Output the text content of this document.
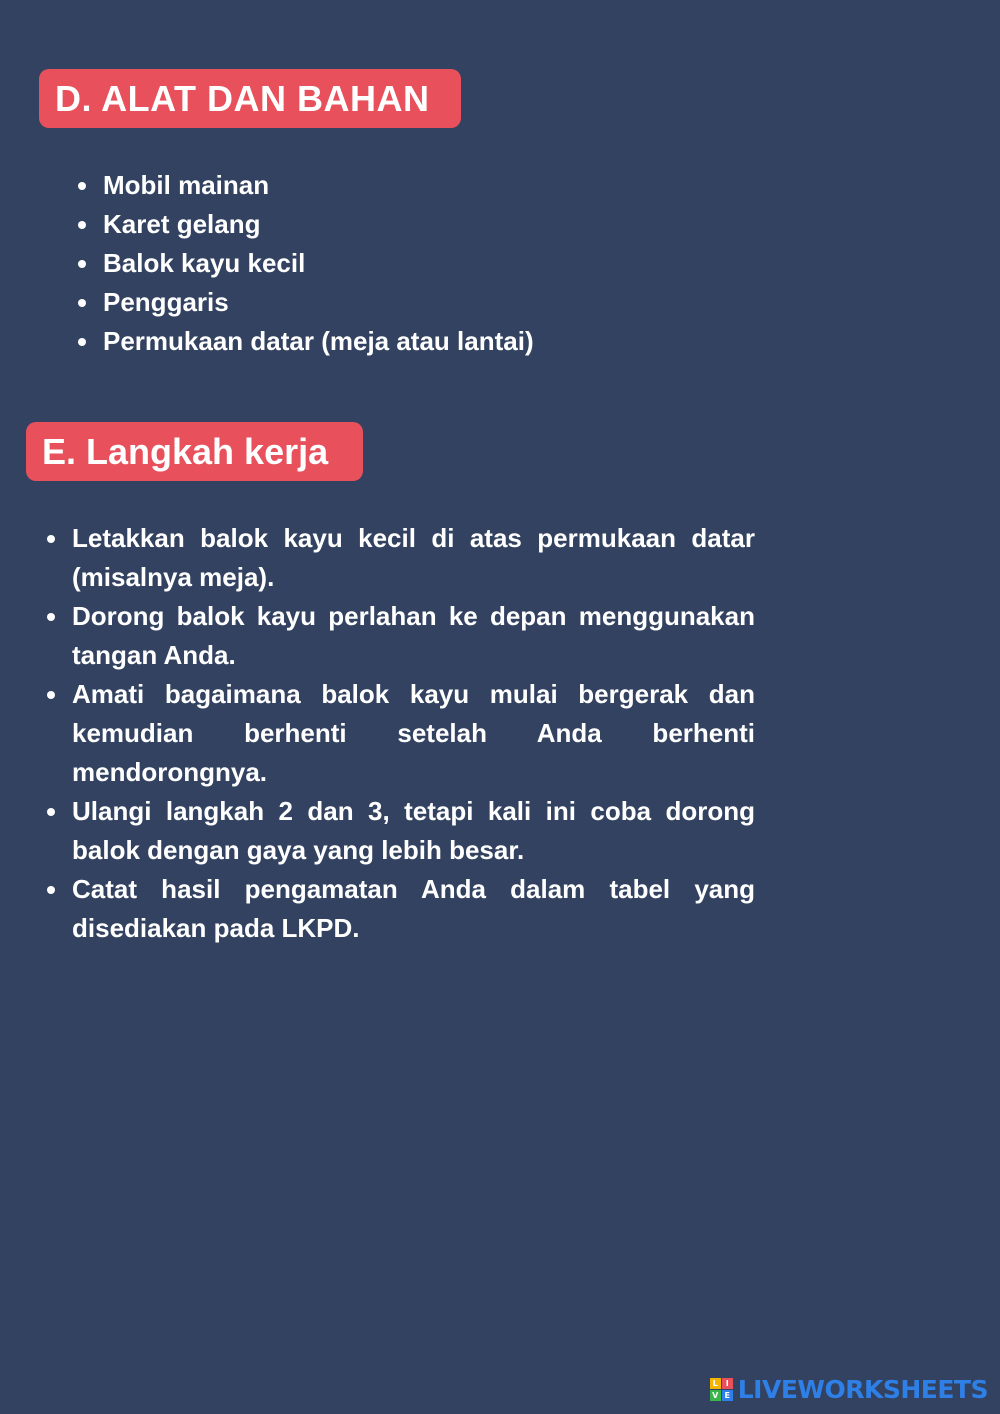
D. ALAT DAN BAHAN
Mobil mainan
Karet gelang
Balok kayu kecil
Penggaris
Permukaan datar (meja atau lantai)
E. Langkah kerja
Letakkan balok kayu kecil di atas permukaan datar (misalnya meja).
Dorong balok kayu perlahan ke depan menggunakan tangan Anda.
Amati bagaimana balok kayu mulai bergerak dan kemudian berhenti setelah Anda berhenti mendorongnya.
Ulangi langkah 2 dan 3, tetapi kali ini coba dorong balok dengan gaya yang lebih besar.
Catat hasil pengamatan Anda dalam tabel yang disediakan pada LKPD.
L I
V E LIVEWORKSHEETS
